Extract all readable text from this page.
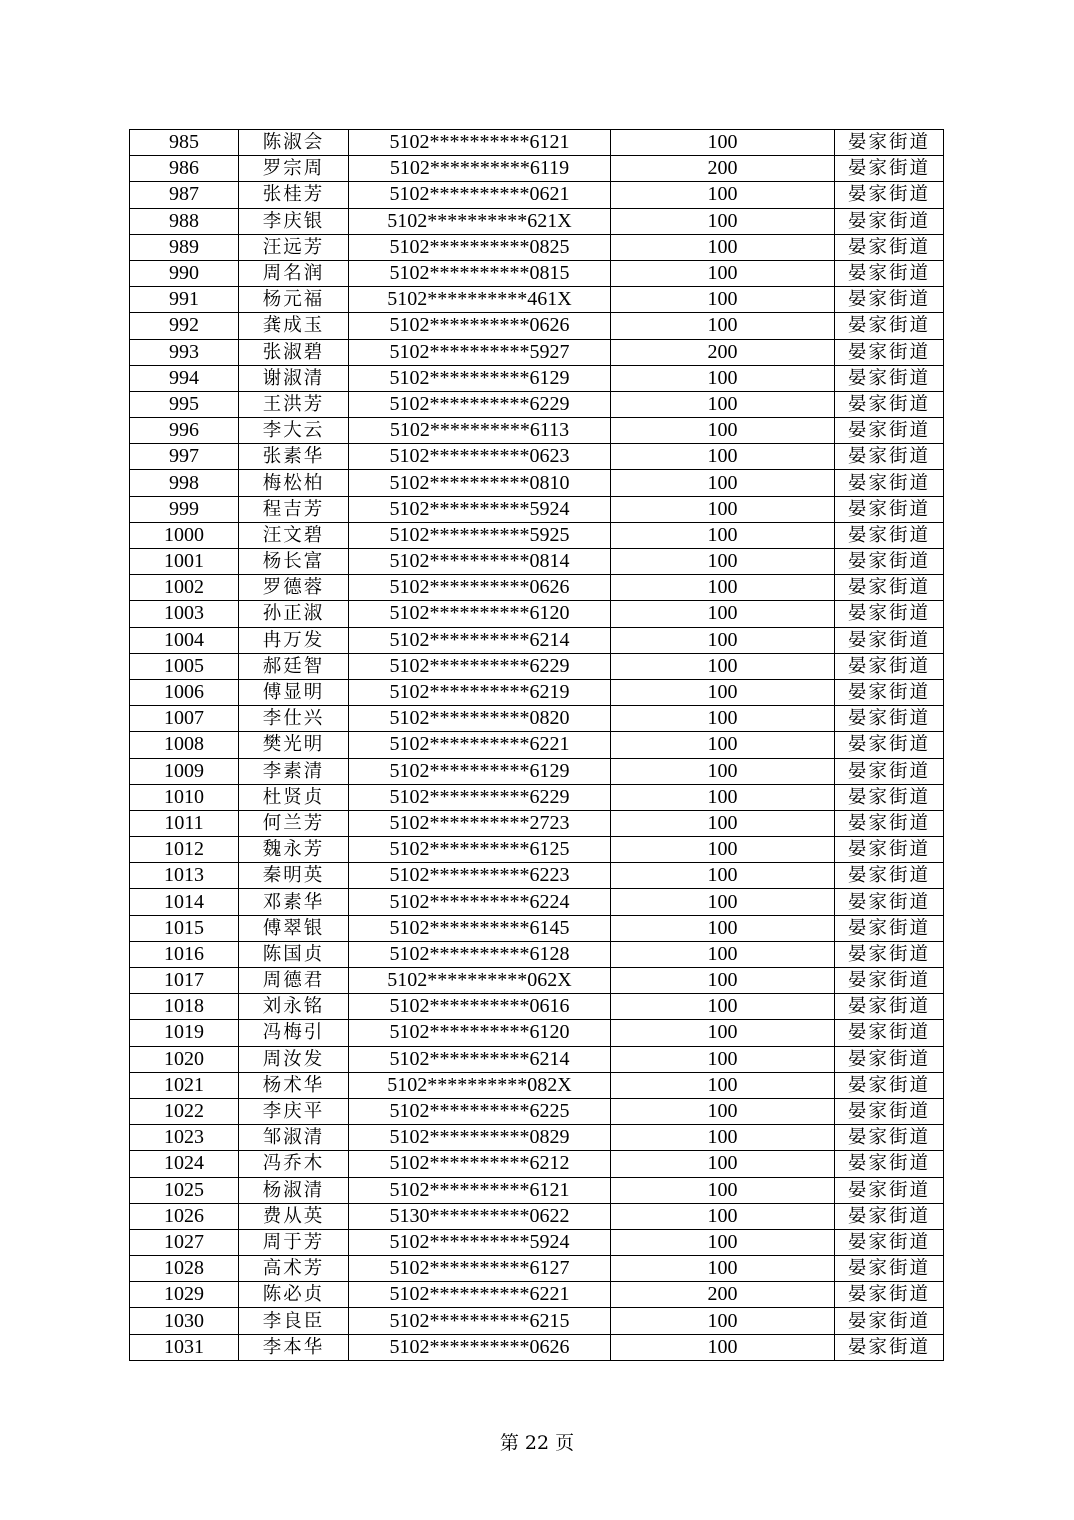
985	陈淑会	5102**********6121	100	晏家街道
986	罗宗周	5102**********6119	200	晏家街道
987	张桂芳	5102**********0621	100	晏家街道
988	李庆银	5102**********621X	100	晏家街道
989	汪远芳	5102**********0825	100	晏家街道
990	周名润	5102**********0815	100	晏家街道
991	杨元福	5102**********461X	100	晏家街道
992	龚成玉	5102**********0626	100	晏家街道
993	张淑碧	5102**********5927	200	晏家街道
994	谢淑清	5102**********6129	100	晏家街道
995	王洪芳	5102**********6229	100	晏家街道
996	李大云	5102**********6113	100	晏家街道
997	张素华	5102**********0623	100	晏家街道
998	梅松柏	5102**********0810	100	晏家街道
999	程吉芳	5102**********5924	100	晏家街道
1000	汪文碧	5102**********5925	100	晏家街道
1001	杨长富	5102**********0814	100	晏家街道
1002	罗德蓉	5102**********0626	100	晏家街道
1003	孙正淑	5102**********6120	100	晏家街道
1004	冉万发	5102**********6214	100	晏家街道
1005	郝廷智	5102**********6229	100	晏家街道
1006	傅显明	5102**********6219	100	晏家街道
1007	李仕兴	5102**********0820	100	晏家街道
1008	樊光明	5102**********6221	100	晏家街道
1009	李素清	5102**********6129	100	晏家街道
1010	杜贤贞	5102**********6229	100	晏家街道
1011	何兰芳	5102**********2723	100	晏家街道
1012	魏永芳	5102**********6125	100	晏家街道
1013	秦明英	5102**********6223	100	晏家街道
1014	邓素华	5102**********6224	100	晏家街道
1015	傅翠银	5102**********6145	100	晏家街道
1016	陈国贞	5102**********6128	100	晏家街道
1017	周德君	5102**********062X	100	晏家街道
1018	刘永铭	5102**********0616	100	晏家街道
1019	冯梅引	5102**********6120	100	晏家街道
1020	周汝发	5102**********6214	100	晏家街道
1021	杨术华	5102**********082X	100	晏家街道
1022	李庆平	5102**********6225	100	晏家街道
1023	邹淑清	5102**********0829	100	晏家街道
1024	冯乔木	5102**********6212	100	晏家街道
1025	杨淑清	5102**********6121	100	晏家街道
1026	费从英	5130**********0622	100	晏家街道
1027	周于芳	5102**********5924	100	晏家街道
1028	高术芳	5102**********6127	100	晏家街道
1029	陈必贞	5102**********6221	200	晏家街道
1030	李良臣	5102**********6215	100	晏家街道
1031	李本华	5102**********0626	100	晏家街道
第 22 页
